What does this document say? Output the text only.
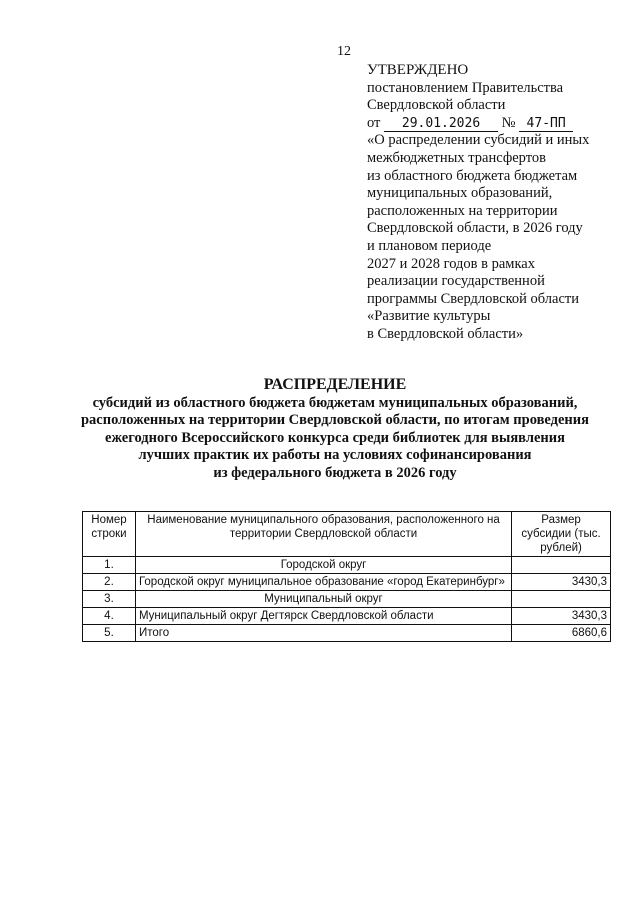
12
УТВЕРЖДЕНО
постановлением Правительства
Свердловской области
от 29.01.2026 № 47-ПП
«О распределении субсидий и иных
межбюджетных трансфертов
из областного бюджета бюджетам
муниципальных образований,
расположенных на территории
Свердловской области, в 2026 году
и плановом периоде
2027 и 2028 годов в рамках
реализации государственной
программы Свердловской области
«Развитие культуры
в Свердловской области»
РАСПРЕДЕЛЕНИЕ
субсидий из областного бюджета бюджетам муниципальных образований,
расположенных на территории Свердловской области, по итогам проведения
ежегодного Всероссийского конкурса среди библиотек для выявления
лучших практик их работы на условиях софинансирования
из федерального бюджета в 2026 году
Номер строки	Наименование муниципального образования, расположенного на территории Свердловской области	Размер субсидии (тыс. рублей)
1.	Городской округ	
2.	Городской округ муниципальное образование «город Екатеринбург»	3430,3
3.	Муниципальный округ	
4.	Муниципальный округ Дегтярск Свердловской области	3430,3
5.	Итого	6860,6
